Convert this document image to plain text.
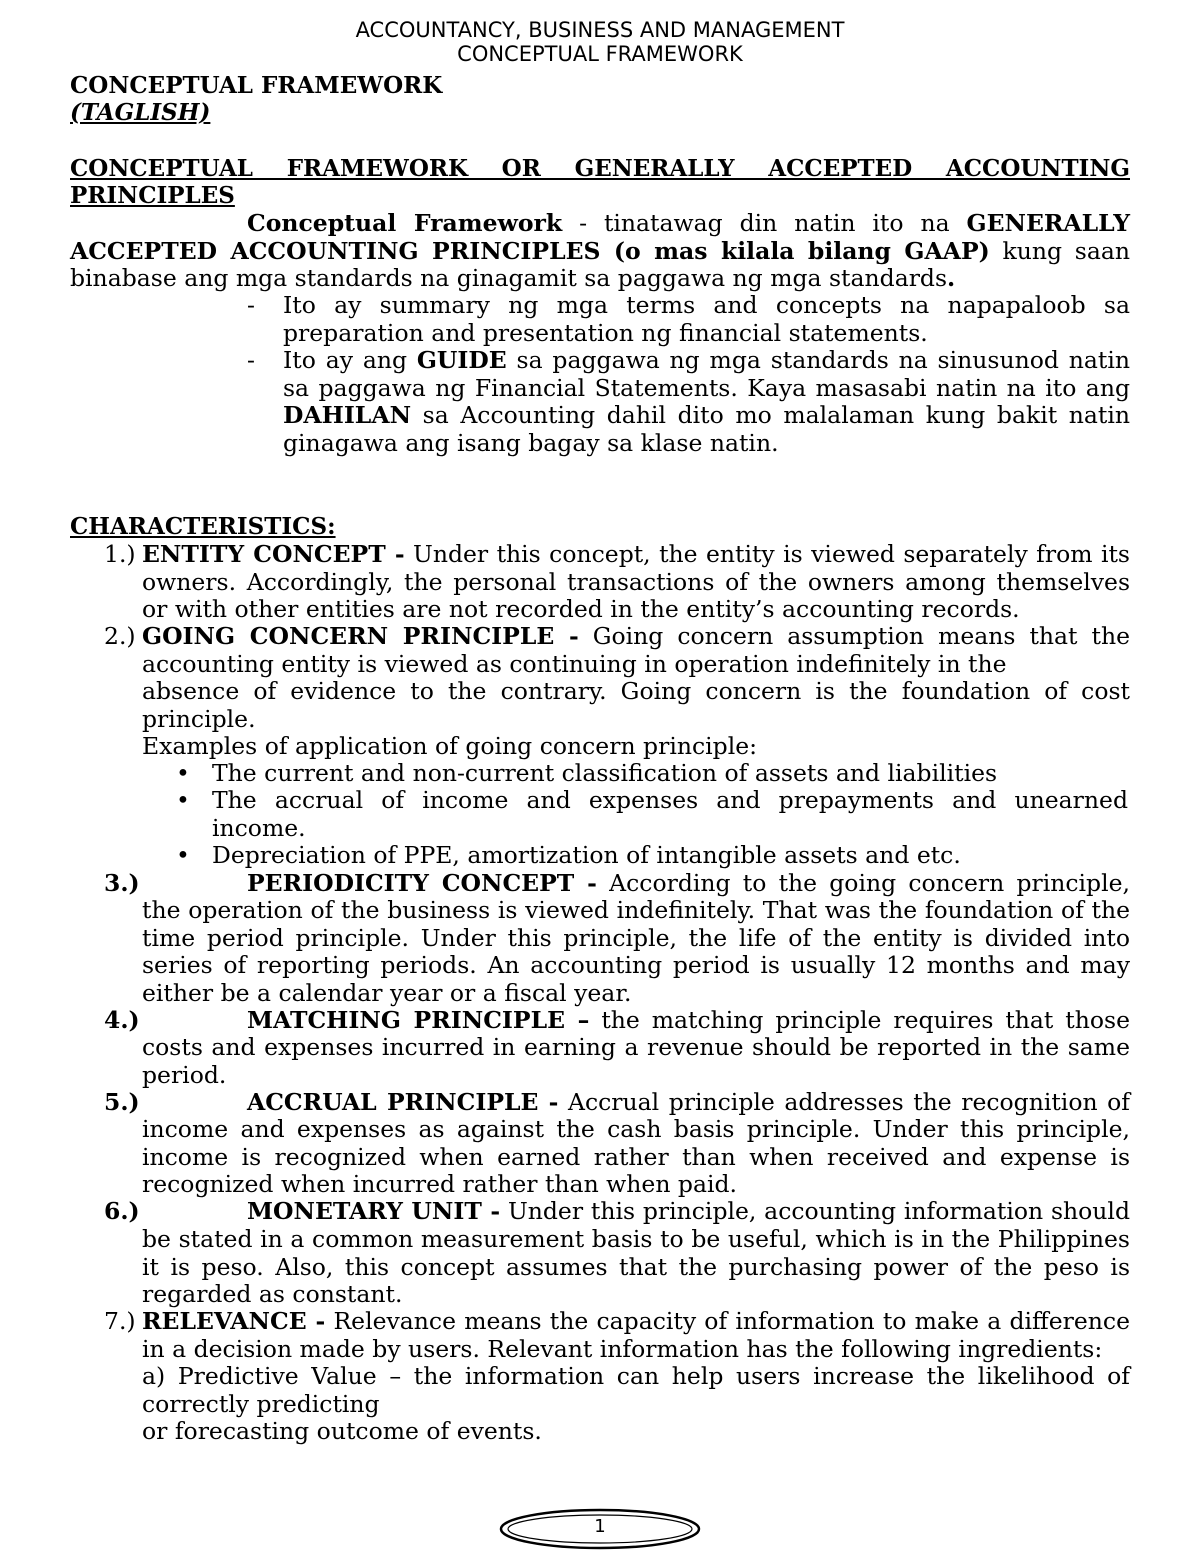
ACCOUNTANCY, BUSINESS AND MANAGEMENT
CONCEPTUAL FRAMEWORK
CONCEPTUAL FRAMEWORK
(TAGLISH)
CONCEPTUAL FRAMEWORK OR GENERALLY ACCEPTED ACCOUNTING
PRINCIPLES
Conceptual Framework - tinatawag din natin ito na GENERALLY ACCEPTED ACCOUNTING PRINCIPLES (o mas kilala bilang GAAP) kung saan binabase ang mga standards na ginagamit sa paggawa ng mga standards.
- Ito ay summary ng mga terms and concepts na napapaloob sa preparation and presentation ng financial statements.
- Ito ay ang GUIDE sa paggawa ng mga standards na sinusunod natin sa paggawa ng Financial Statements. Kaya masasabi natin na ito ang DAHILAN sa Accounting dahil dito mo malalaman kung bakit natin ginagawa ang isang bagay sa klase natin.
CHARACTERISTICS:
1.) ENTITY CONCEPT - Under this concept, the entity is viewed separately from its owners. Accordingly, the personal transactions of the owners among themselves or with other entities are not recorded in the entity’s accounting records.
2.) GOING CONCERN PRINCIPLE - Going concern assumption means that the
accounting entity is viewed as continuing in operation indefinitely in the
absence of evidence to the contrary. Going concern is the foundation of cost principle.
Examples of application of going concern principle:
• The current and non-current classification of assets and liabilities
• The accrual of income and expenses and prepayments and unearned income.
• Depreciation of PPE, amortization of intangible assets and etc.
3.)	PERIODICITY CONCEPT - According to the going concern principle,
the operation of the business is viewed indefinitely. That was the foundation of the time period principle. Under this principle, the life of the entity is divided into series of reporting periods. An accounting period is usually 12 months and may either be a calendar year or a fiscal year.
4.)	MATCHING PRINCIPLE – the matching principle requires that those
costs and expenses incurred in earning a revenue should be reported in the same period.
5.)	ACCRUAL PRINCIPLE - Accrual principle addresses the recognition of
income and expenses as against the cash basis principle. Under this principle, income is recognized when earned rather than when received and expense is recognized when incurred rather than when paid.
6.)	MONETARY UNIT - Under this principle, accounting information should
be stated in a common measurement basis to be useful, which is in the Philippines it is peso. Also, this concept assumes that the purchasing power of the peso is regarded as constant.
7.) RELEVANCE - Relevance means the capacity of information to make a difference in a decision made by users. Relevant information has the following ingredients:
a) Predictive Value – the information can help users increase the likelihood of correctly predicting
or forecasting outcome of events.
1
